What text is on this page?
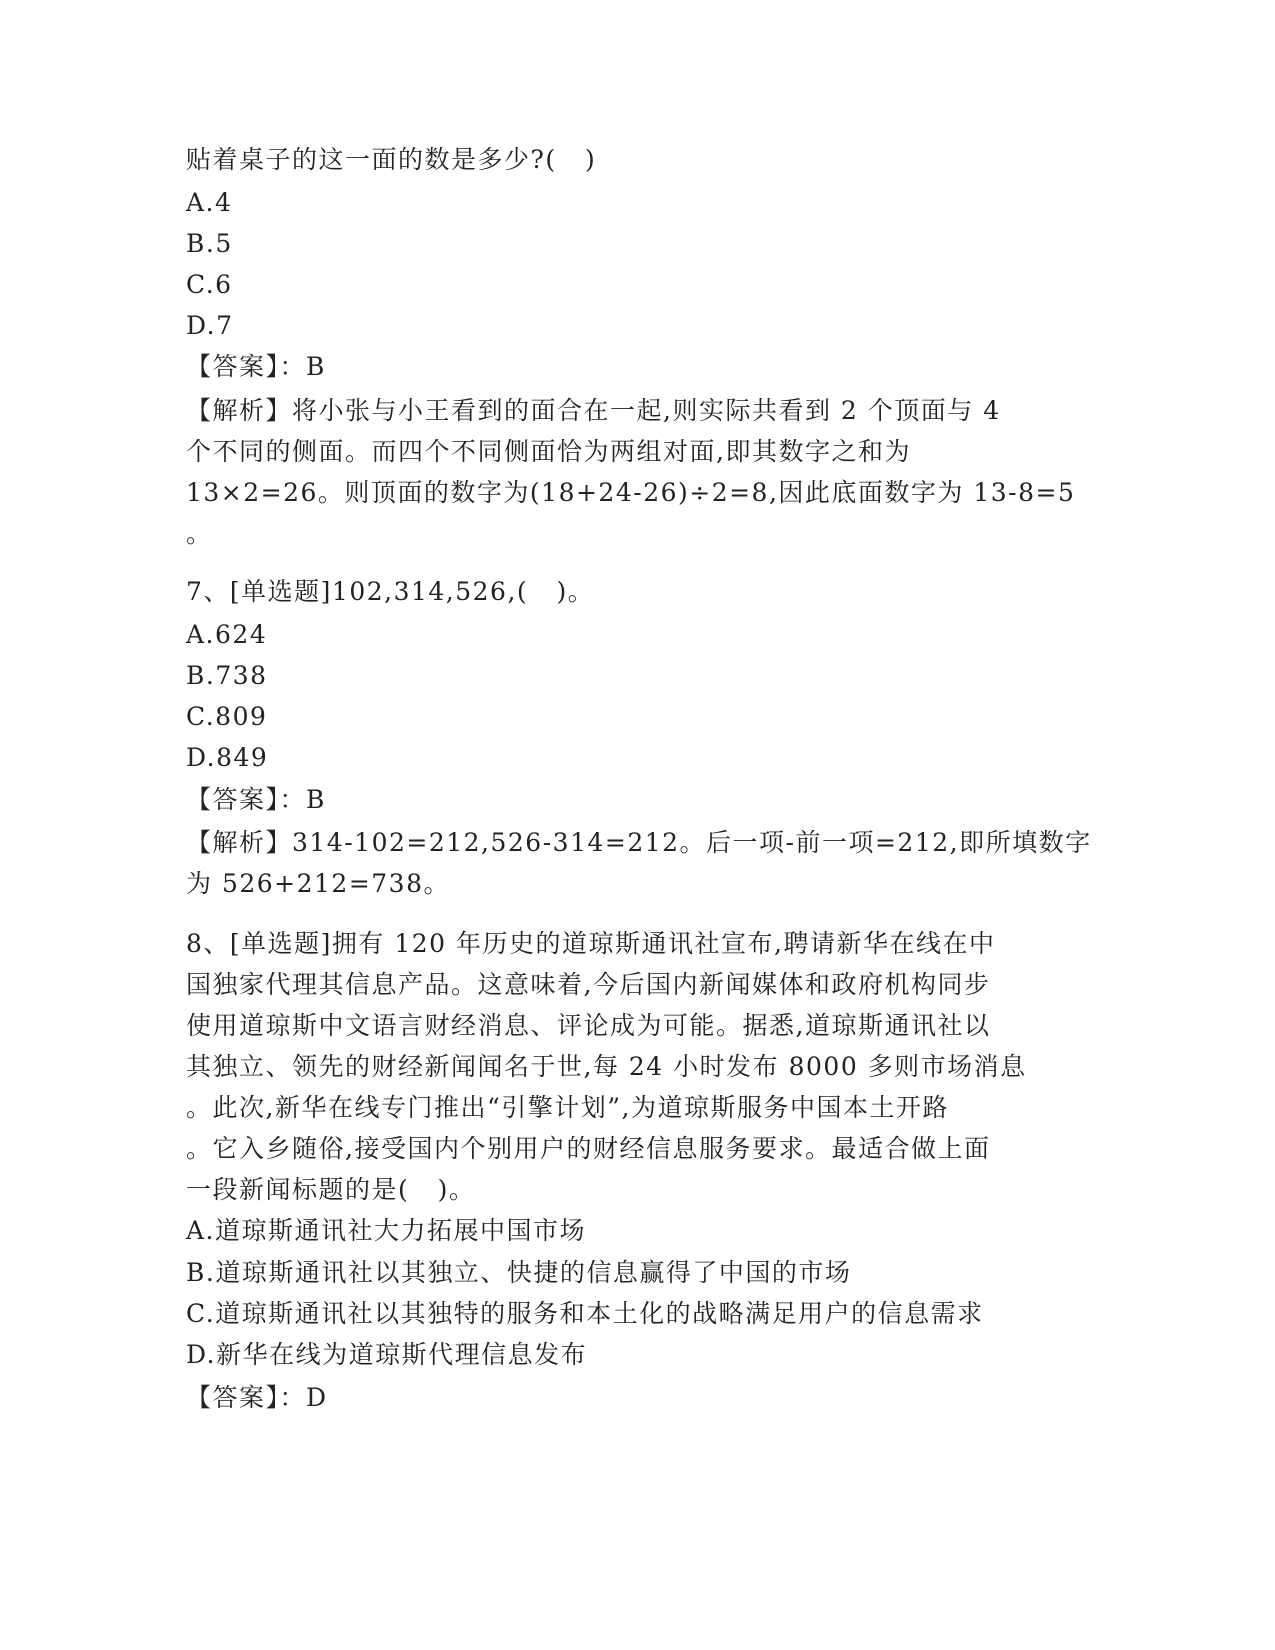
贴着桌子的这一面的数是多少?(   )
A.4
B.5
C.6
D.7
【答案】：B
【解析】将小张与小王看到的面合在一起,则实际共看到 2 个顶面与 4
个不同的侧面。而四个不同侧面恰为两组对面,即其数字之和为
13×2=26。则顶面的数字为(18+24-26)÷2=8,因此底面数字为 13-8=5
。
7、[单选题]102,314,526,(   )。
A.624
B.738
C.809
D.849
【答案】：B
【解析】314-102=212,526-314=212。后一项-前一项=212,即所填数字
为 526+212=738。
8、[单选题]拥有 120 年历史的道琼斯通讯社宣布,聘请新华在线在中
国独家代理其信息产品。这意味着,今后国内新闻媒体和政府机构同步
使用道琼斯中文语言财经消息、评论成为可能。据悉,道琼斯通讯社以
其独立、领先的财经新闻闻名于世,每 24 小时发布 8000 多则市场消息
。此次,新华在线专门推出“引擎计划”,为道琼斯服务中国本土开路
。它入乡随俗,接受国内个别用户的财经信息服务要求。最适合做上面
一段新闻标题的是(   )。
A.道琼斯通讯社大力拓展中国市场
B.道琼斯通讯社以其独立、快捷的信息赢得了中国的市场
C.道琼斯通讯社以其独特的服务和本土化的战略满足用户的信息需求
D.新华在线为道琼斯代理信息发布
【答案】：D
